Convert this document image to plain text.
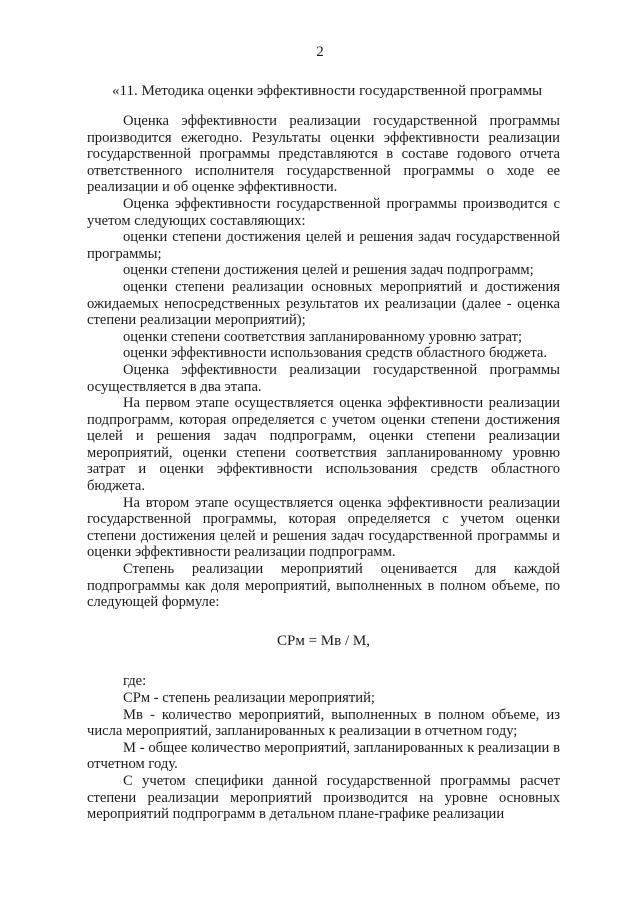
2
«11. Методика оценки эффективности государственной программы

Оценка эффективности реализации государственной программы производится ежегодно. Результаты оценки эффективности реализации государственной программы представляются в составе годового отчета ответственного исполнителя государственной программы о ходе ее реализации и об оценке эффективности.

Оценка эффективности государственной программы производится с учетом следующих составляющих:

оценки степени достижения целей и решения задач государственной программы;

оценки степени достижения целей и решения задач подпрограмм;

оценки степени реализации основных мероприятий и достижения ожидаемых непосредственных результатов их реализации (далее - оценка степени реализации мероприятий);

оценки степени соответствия запланированному уровню затрат;

оценки эффективности использования средств областного бюджета.

Оценка эффективности реализации государственной программы осуществляется в два этапа.

На первом этапе осуществляется оценка эффективности реализации подпрограмм, которая определяется с учетом оценки степени достижения целей и решения задач подпрограмм, оценки степени реализации мероприятий, оценки степени соответствия запланированному уровню затрат и оценки эффективности использования средств областного бюджета.

На втором этапе осуществляется оценка эффективности реализации государственной программы, которая определяется с учетом оценки степени достижения целей и решения задач государственной программы и оценки эффективности реализации подпрограмм.

Степень реализации мероприятий оценивается для каждой подпрограммы как доля мероприятий, выполненных в полном объеме, по следующей формуле:

СРм = Мв / М,

где:

СРм - степень реализации мероприятий;

Мв - количество мероприятий, выполненных в полном объеме, из числа мероприятий, запланированных к реализации в отчетном году;

М - общее количество мероприятий, запланированных к реализации в отчетном году.

С учетом специфики данной государственной программы расчет степени реализации мероприятий производится на уровне основных мероприятий подпрограмм в детальном плане-графике реализации
